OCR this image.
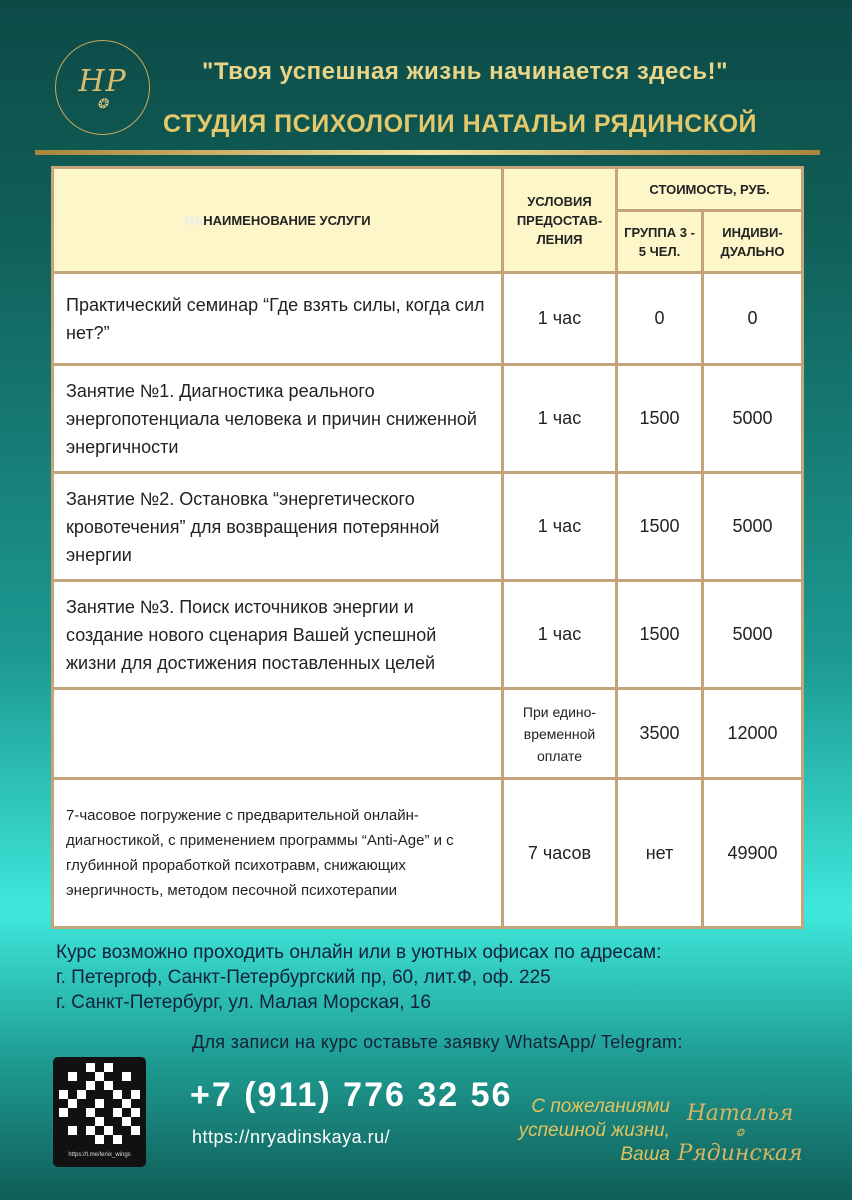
НР
❂
"Твоя успешная жизнь начинается здесь!"
СТУДИЯ ПСИХОЛОГИИ НАТАЛЬИ РЯДИНСКОЙ
НАНАИМЕНОВАНИЕ УСЛУГИ	УСЛОВИЯ ПРЕДОСТАВ-ЛЕНИЯ	СТОИМОСТЬ, РУБ.	
		ГРУППА 3 - 5 ЧЕЛ.	ИНДИВИ-ДУАЛЬНО
Практический семинар “Где взять силы, когда сил нет?”	1 час	0	0
Занятие №1. Диагностика реального энергопотенциала человека и причин сниженной энергичности	1 час	1500	5000
Занятие №2. Остановка “энергетического кровотечения” для возвращения потерянной энергии	1 час	1500	5000
Занятие №3. Поиск источников энергии и создание нового сценария Вашей успешной жизни для достижения поставленных целей	1 час	1500	5000
	При едино-временной оплате	3500	12000
7-часовое погружение с предварительной онлайн-диагностикой, с применением программы “Anti-Age” и с глубинной проработкой психотравм, снижающих энергичность, методом песочной психотерапии	7 часов	нет	49900
Курс возможно проходить онлайн или в уютных офисах по адресам:
г. Петергоф, Санкт-Петербургский пр, 60, лит.Ф, оф. 225
г. Санкт-Петербург, ул. Малая Морская, 16
Для записи на курс оставьте заявку WhatsApp/ Telegram:
https://t.me/lenix_wings
+7 (911) 776 32 56
https://nryadinskaya.ru/
С пожеланиями
успешной жизни,
Ваша
Наталья
❂
Рядинская
